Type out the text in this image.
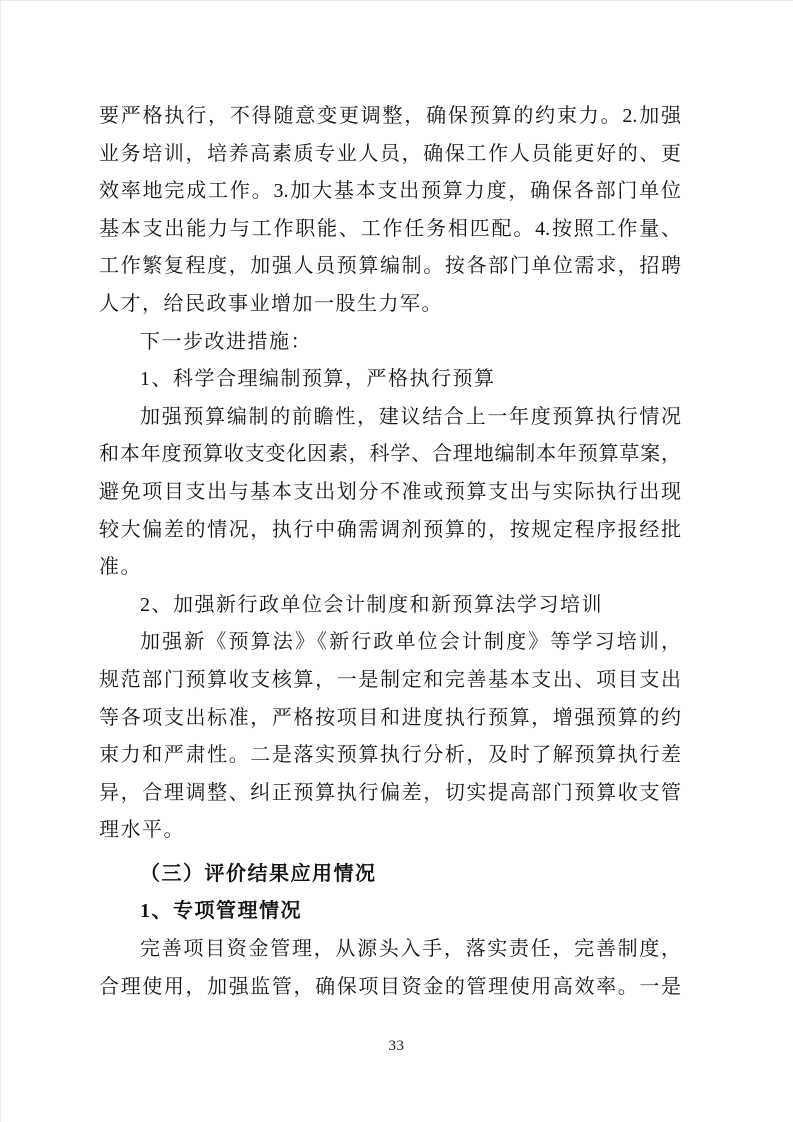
要严格执行，不得随意变更调整，确保预算的约束力。2.加强
业务培训，培养高素质专业人员，确保工作人员能更好的、更
效率地完成工作。3.加大基本支出预算力度，确保各部门单位
基本支出能力与工作职能、工作任务相匹配。4.按照工作量、
工作繁复程度，加强人员预算编制。按各部门单位需求，招聘
人才，给民政事业增加一股生力军。
下一步改进措施：
1、科学合理编制预算，严格执行预算
加强预算编制的前瞻性，建议结合上一年度预算执行情况
和本年度预算收支变化因素，科学、合理地编制本年预算草案，
避免项目支出与基本支出划分不准或预算支出与实际执行出现
较大偏差的情况，执行中确需调剂预算的，按规定程序报经批
准。
2、加强新行政单位会计制度和新预算法学习培训
加强新《预算法》《新行政单位会计制度》等学习培训，
规范部门预算收支核算，一是制定和完善基本支出、项目支出
等各项支出标准，严格按项目和进度执行预算，增强预算的约
束力和严肃性。二是落实预算执行分析，及时了解预算执行差
异，合理调整、纠正预算执行偏差，切实提高部门预算收支管
理水平。
（三）评价结果应用情况
1、专项管理情况
完善项目资金管理，从源头入手，落实责任，完善制度，
合理使用，加强监管，确保项目资金的管理使用高效率。一是
33
